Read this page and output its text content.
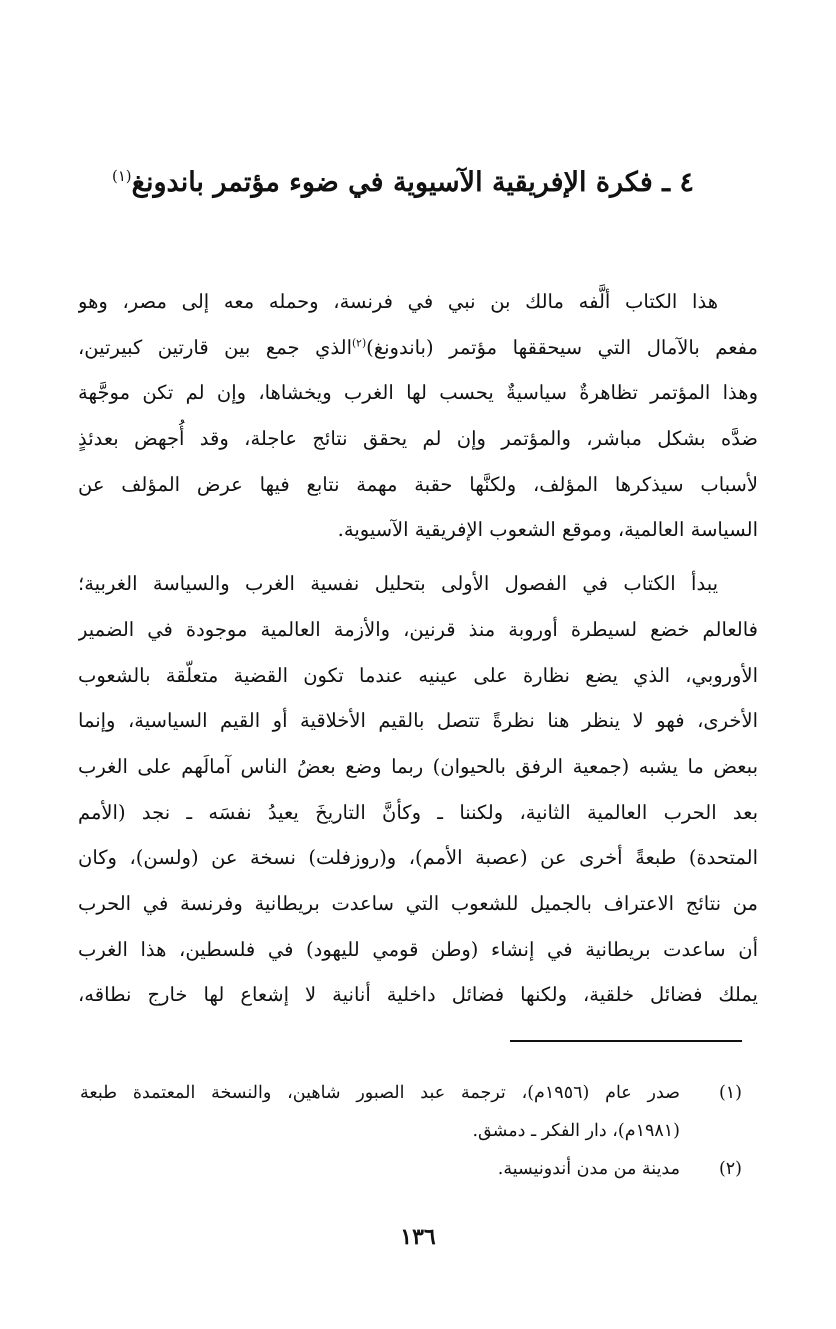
٤ ـ فكرة الإفريقية الآسيوية في ضوء مؤتمر باندونغ$^{(١)}$
هذا الكتاب ألَّفه مالك بن نبي في فرنسة، وحمله معه إلى مصر، وهو
مفعم بالآمال التي سيحققها مؤتمر (باندونغ)$^{(٢)}$الذي جمع بين قارتين كبيرتين،
وهذا المؤتمر تظاهرةٌ سياسيةٌ يحسب لها الغرب ويخشاها، وإن لم تكن موجَّهة
ضدَّه بشكل مباشر، والمؤتمر وإن لم يحقق نتائج عاجلة، وقد أُجهض بعدئذٍ
لأسباب سيذكرها المؤلف، ولكنَّها حقبة مهمة نتابع فيها عرض المؤلف عن
السياسة العالمية، وموقع الشعوب الإفريقية الآسيوية.
يبدأ الكتاب في الفصول الأولى بتحليل نفسية الغرب والسياسة الغربية؛
فالعالم خضع لسيطرة أوروبة منذ قرنين، والأزمة العالمية موجودة في الضمير
الأوروبي، الذي يضع نظارة على عينيه عندما تكون القضية متعلّقة بالشعوب
الأخرى، فهو لا ينظر هنا نظرةً تتصل بالقيم الأخلاقية أو القيم السياسية، وإنما
ببعض ما يشبه (جمعية الرفق بالحيوان) ربما وضع بعضُ الناس آمالَهم على الغرب
بعد الحرب العالمية الثانية، ولكننا ـ وكأنَّ التاريخَ يعيدُ نفسَه ـ نجد (الأمم
المتحدة) طبعةً أخرى عن (عصبة الأمم)، و(روزفلت) نسخة عن (ولسن)، وكان
من نتائج الاعتراف بالجميل للشعوب التي ساعدت بريطانية وفرنسة في الحرب
أن ساعدت بريطانية في إنشاء (وطن قومي لليهود) في فلسطين، هذا الغرب
يملك فضائل خلقية، ولكنها فضائل داخلية أنانية لا إشعاع لها خارج نطاقه،
(١)
صدر عام (١٩٥٦م)، ترجمة عبد الصبور شاهين، والنسخة المعتمدة طبعة
(١٩٨١م)، دار الفكر ـ دمشق.
(٢)
مدينة من مدن أندونيسية.
١٣٦
